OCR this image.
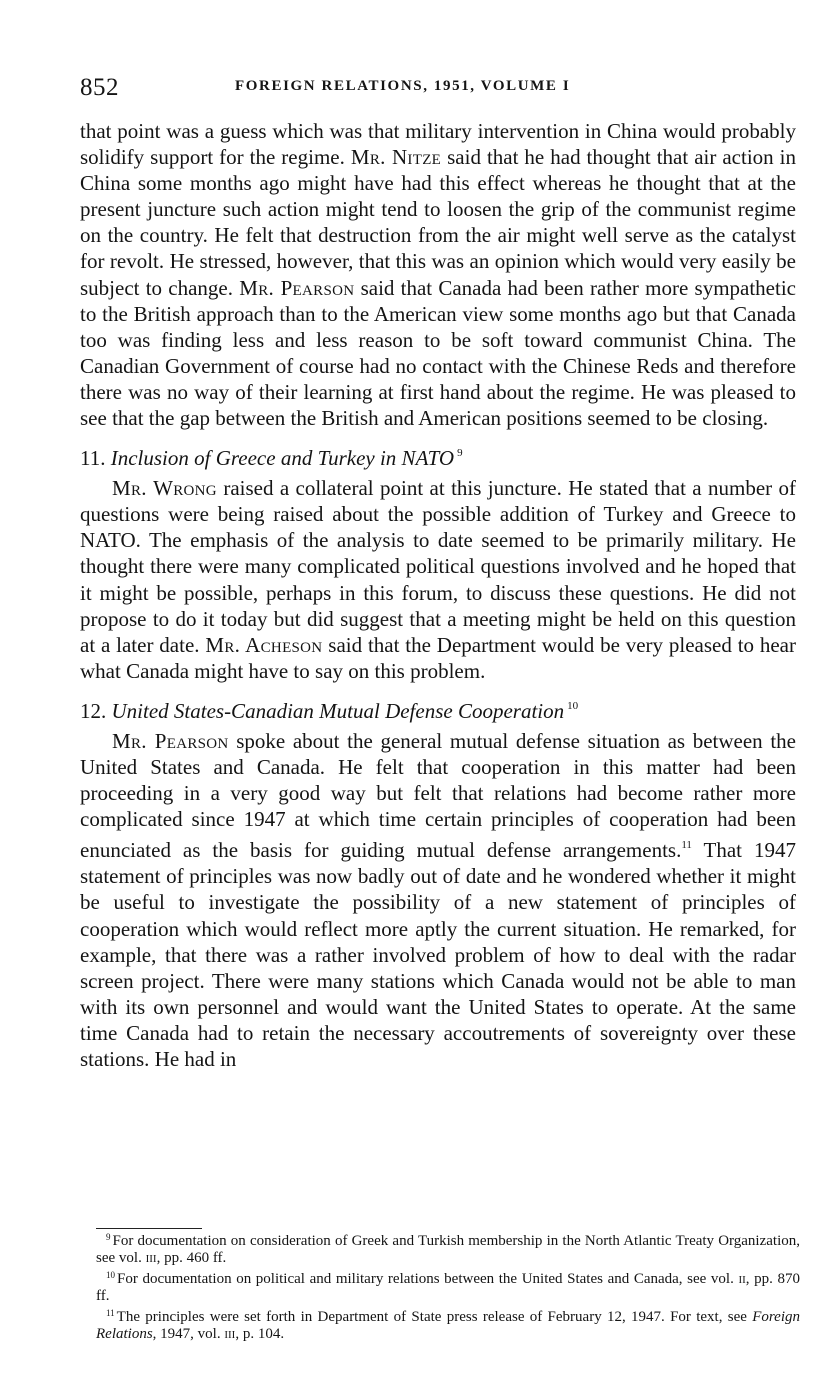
852	FOREIGN RELATIONS, 1951, VOLUME I

that point was a guess which was that military intervention in China would probably solidify support for the regime. Mr. Nitze said that he had thought that air action in China some months ago might have had this effect whereas he thought that at the present juncture such action might tend to loosen the grip of the communist regime on the country. He felt that destruction from the air might well serve as the catalyst for revolt. He stressed, however, that this was an opinion which would very easily be subject to change. Mr. Pearson said that Canada had been rather more sympathetic to the British approach than to the American view some months ago but that Canada too was finding less and less reason to be soft toward communist China. The Canadian Government of course had no contact with the Chinese Reds and therefore there was no way of their learning at first hand about the regime. He was pleased to see that the gap between the British and American positions seemed to be closing.

11. Inclusion of Greece and Turkey in NATO $^9$

Mr. Wrong raised a collateral point at this juncture. He stated that a number of questions were being raised about the possible addition of Turkey and Greece to NATO. The emphasis of the analysis to date seemed to be primarily military. He thought there were many complicated political questions involved and he hoped that it might be possible, perhaps in this forum, to discuss these questions. He did not propose to do it today but did suggest that a meeting might be held on this question at a later date. Mr. Acheson said that the Department would be very pleased to hear what Canada might have to say on this problem.

12. United States-Canadian Mutual Defense Cooperation $^{10}$

Mr. Pearson spoke about the general mutual defense situation as between the United States and Canada. He felt that cooperation in this matter had been proceeding in a very good way but felt that relations had become rather more complicated since 1947 at which time certain principles of cooperation had been enunciated as the basis for guiding mutual defense arrangements.$^{11}$ That 1947 statement of principles was now badly out of date and he wondered whether it might be useful to investigate the possibility of a new statement of principles of cooperation which would reflect more aptly the current situation. He remarked, for example, that there was a rather involved problem of how to deal with the radar screen project. There were many stations which Canada would not be able to man with its own personnel and would want the United States to operate. At the same time Canada had to retain the necessary accoutrements of sovereignty over these stations. He had in

$^9$ For documentation on consideration of Greek and Turkish membership in the North Atlantic Treaty Organization, see vol. iii, pp. 460 ff.

$^{10}$ For documentation on political and military relations between the United States and Canada, see vol. ii, pp. 870 ff.

$^{11}$ The principles were set forth in Department of State press release of February 12, 1947. For text, see Foreign Relations, 1947, vol. iii, p. 104.
